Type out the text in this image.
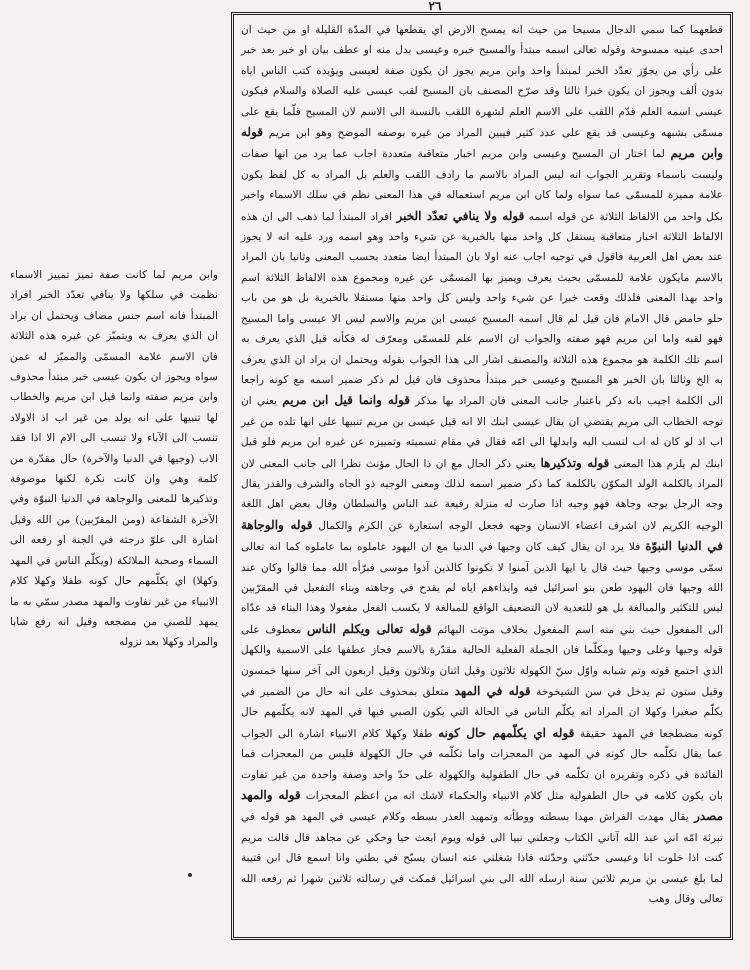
٢٦

قطعهما كما سمي الدجال مسيحا من حيث انه يمسح الارض اي يقطعها في المدّة القليلة او من حيث ان احدى عينيه ممسوحة وقوله تعالى اسمه مبتدأ والمسيح خبره وعيسى بدل منه او عطف بيان او خبر بعد خبر على رأي من يجوّز تعدّد الخبر لمبتدأ واحد وابن مريم يجوز ان يكون صفة لعيسى ويؤيده كتب الناس اياه بدون ألف ويجوز ان يكون خبرا ثالثا وقد صرّح المصنف بان المسيح لقب عيسى عليه الصلاة والسلام فيكون عيسى اسمه العلم قدّم اللقب على الاسم العلم لشهرة اللقب بالنسبة الى الاسم لان المسيح قلّما يقع على مسمّى بشبهه وعيسى قد يقع على عدد كثير فيبين المراد من غيره بوصفه الموضح وهو ابن مريم قوله وابن مريم لما اختار ان المسيح وعيسى وابن مريم اخبار متعاقبة متعددة اجاب عما يرد من انها صفات وليست باسماء وتقرير الجواب انه ليس المراد بالاسم ما رادف اللقب والعلم بل المراد به كل لفظ يكون علامة مميزة للمسمّى عما سواه ولما كان ابن مريم استعماله في هذا المعنى نظم في سلك الاسماء واخبر بكل واحد من الالفاظ الثلاثة عن قوله اسمه قوله ولا ينافي تعدّد الخبر افراد المبتدأ لما ذهب الى ان هذه الالفاظ الثلاثة اخبار متعاقبة يستقل كل واحد منها بالخبرية عن شيء واحد وهو اسمه ورد عليه انه لا يجوز عند بعض اهل العربية فاقول في توجيه اجاب عنه اولا بان المبتدأ ايضا متعدد بحسب المعنى وثانيا بان المراد بالاسم مايكون علامة للمسمّى بحيث يعرف ويميز بها المسمّى عن غيره ومجموع هذه الالفاظ الثلاثة اسم واحد بهذا المعنى فلذلك وقعت خبرا عن شيء واحد وليس كل واحد منها مستقلا بالخبرية بل هو من باب حلو حامض قال الامام فان قيل لم قال اسمه المسيح عيسى ابن مريم والاسم ليس الا عيسى واما المسيح فهو لقبه واما ابن مريم فهو صفته والجواب ان الاسم علم للمسمّى ومعرّف له فكأنه قيل الذي يعرف به اسم تلك الكلمة هو مجموع هذه الثلاثة والمصنف اشار الى هذا الجواب بقوله ويحتمل ان يراد ان الذي يعرف به الخ وثالثا بان الخبر هو المسيح وعيسى خبر مبتدأ محذوف فان قيل لم ذكر ضمير اسمه مع كونه راجعا الى الكلمة اجيب بانه ذكر باعتبار جانب المعنى فان المراد بها مذكر قوله وانما قيل ابن مريم يعني ان توجه الخطاب الى مريم يقتضي ان يقال عيسى ابنك الا انه قيل عيسى بن مريم تنبيها على انها تلده من غير اب اذ لو كان له اب لنسب اليه وابدلها الى امّه فقال في مقام تسميته وتمييزه عن غيره ابن مريم فلو قيل ابنك لم يلزم هذا المعنى قوله وتذكيرها يعني ذكر الحال مع ان ذا الحال مؤنث نظرا الى جانب المعنى لان المراد بالكلمة الولد المكوّن بالكلمة كما ذكر ضمير اسمه لذلك ومعنى الوجيه ذو الجاه والشرف والقدر يقال وجه الرجل يوجه وجاهة فهو وجيه اذا صارت له منزلة رفيعة عند الناس والسلطان وقال بعض اهل اللغة الوجيه الكريم لان اشرف اعضاء الانسان وجهه فجعل الوجه استعارة عن الكرم والكمال قوله والوجاهة في الدنيا النبوّة فلا يرد ان يقال كيف كان وجيها في الدنيا مع ان اليهود عاملوه بما عاملوه كما انه تعالى سمّى موسى وجيها حيث قال يا ايها الذين آمنوا لا تكونوا كالذين آذوا موسى فبرّأه الله مما قالوا وكان عند الله وجيها فان اليهود طعن بنو اسرائيل فيه وايذاءهم اياه لم يقدح في وجاهته وبناء التفعيل في المقرّبين ليس للتكثير والمبالغة بل هو للتعدية لان التضعيف الواقع للمبالغة لا يكسب الفعل مفعولا وهذا البناء قد عدّاه الى المفعول حيث بني منه اسم المفعول بخلاف موتت البهائم قوله تعالى ويكلم الناس معطوف على قوله وجيها وعلى وجيها ومكلّما فان الجملة الفعلية الحالية مقدّرة بالاسم فجاز عطفها على الاسمية والكهل الذي اجتمع قوته وتم شبابه واوّل سنّ الكهولة ثلاثون وقيل اثنان وثلاثون وقيل اربعون الى آخر سنها خمسون وقيل ستون ثم يدخل في سن الشيخوخة قوله في المهد متعلق بمحذوف على انه حال من الضمير في يكلّم صغيرا وكهلا ان المراد انه يكلّم الناس في الحالة التي يكون الصبي فيها في المهد لانه يكلّمهم حال كونه مضطجعا في المهد حقيقة قوله اي يكلّمهم حال كونه طفلا وكهلا كلام الانبياء اشارة الى الجواب عما يقال تكلّمه حال كونه في المهد من المعجزات واما تكلّمه في حال الكهولة فليس من المعجزات فما الفائدة في ذكره وتقريره ان تكلّمه في حال الطفولية والكهولة على حدّ واحد وصفة واحدة من غير تفاوت بان يكون كلامه في حال الطفولية مثل كلام الانبياء والحكماء لاشك انه من اعظم المعجزات قوله والمهد مصدر يقال مهدت الفراش مهدا بسطته ووطأته وتمهيد العذر بسطه وكلام عيسى في المهد هو قوله في تبرئة امّه اني عبد الله آتاني الكتاب وجعلني نبيا الى قوله ويوم ابعث حيا وحكي عن مجاهد قال قالت مريم كنت اذا خلوت انا وعيسى حدّثني وحدّثته فاذا شغلني عنه انسان يسبّح في بطني وانا اسمع قال ابن قتيبة لما بلغ عيسى بن مريم ثلاثين سنة ارسله الله الى بني اسرائيل فمكث في رسالته ثلاثين شهرا ثم رفعه الله تعالى وقال وهب

وابن مريم لما كانت صفة تميز تمييز الاسماء نظمت في سلكها ولا ينافي تعدّد الخبر افراد المبتدأ فانه اسم جنس مضاف ويحتمل ان يراد ان الذي يعرف به ويتميّز عن غيره هذه الثلاثة فان الاسم علامة المسمّى والمميّز له عمن سواه ويجوز ان يكون عيسى خبر مبتدأ محذوف وابن مريم صفته وانما قيل ابن مريم والخطاب لها تنبيها على انه يولد من غير اب اذ الاولاد تنسب الى الآباء ولا تنسب الى الام الا اذا فقد الاب (وجيها في الدنيا والآخرة) حال مقدّرة من كلمة وهي وان كانت نكرة لكنها موصوفة وتذكيرها للمعنى والوجاهة في الدنيا النبوّة وفي الآخرة الشفاعة (ومن المقرّبين) من الله وقيل اشارة الى علوّ درجته في الجنة او رفعه الى السماء وصحبة الملائكة (ويكلّم الناس في المهد وكهلا) اي يكلّمهم حال كونه طفلا وكهلا كلام الانبياء من غير تفاوت والمهد مصدر سمّي به ما يمهد للصبي من مضجعه وقيل انه رفع شابا والمراد وكهلا بعد نزوله
